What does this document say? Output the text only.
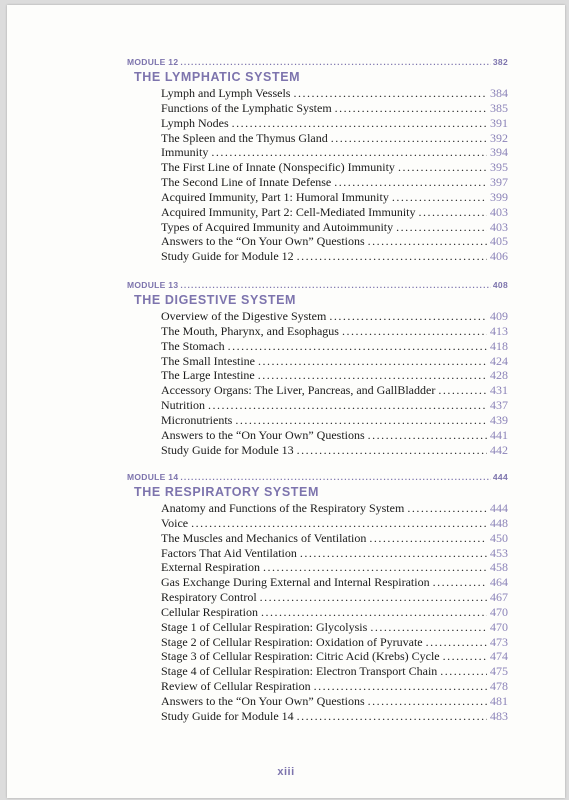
MODULE 12 .....	382
THE LYMPHATIC SYSTEM
Lymph and Lymph Vessels .....	384
Functions of the Lymphatic System .....	385
Lymph Nodes .....	391
The Spleen and the Thymus Gland .....	392
Immunity .....	394
The First Line of Innate (Nonspecific) Immunity .....	395
The Second Line of Innate Defense .....	397
Acquired Immunity, Part 1: Humoral Immunity .....	399
Acquired Immunity, Part 2: Cell-Mediated Immunity .....	403
Types of Acquired Immunity and Autoimmunity .....	403
Answers to the “On Your Own” Questions .....	405
Study Guide for Module 12 .....	406
MODULE 13 .....	408
THE DIGESTIVE SYSTEM
Overview of the Digestive System .....	409
The Mouth, Pharynx, and Esophagus .....	413
The Stomach .....	418
The Small Intestine .....	424
The Large Intestine .....	428
Accessory Organs: The Liver, Pancreas, and GallBladder .....	431
Nutrition .....	437
Micronutrients .....	439
Answers to the “On Your Own” Questions .....	441
Study Guide for Module 13 .....	442
MODULE 14 .....	444
THE RESPIRATORY SYSTEM
Anatomy and Functions of the Respiratory System .....	444
Voice .....	448
The Muscles and Mechanics of Ventilation .....	450
Factors That Aid Ventilation .....	453
External Respiration .....	458
Gas Exchange During External and Internal Respiration .....	464
Respiratory Control .....	467
Cellular Respiration .....	470
Stage 1 of Cellular Respiration: Glycolysis .....	470
Stage 2 of Cellular Respiration: Oxidation of Pyruvate .....	473
Stage 3 of Cellular Respiration: Citric Acid (Krebs) Cycle .....	474
Stage 4 of Cellular Respiration: Electron Transport Chain .....	475
Review of Cellular Respiration .....	478
Answers to the “On Your Own” Questions .....	481
Study Guide for Module 14 .....	483
xiii
